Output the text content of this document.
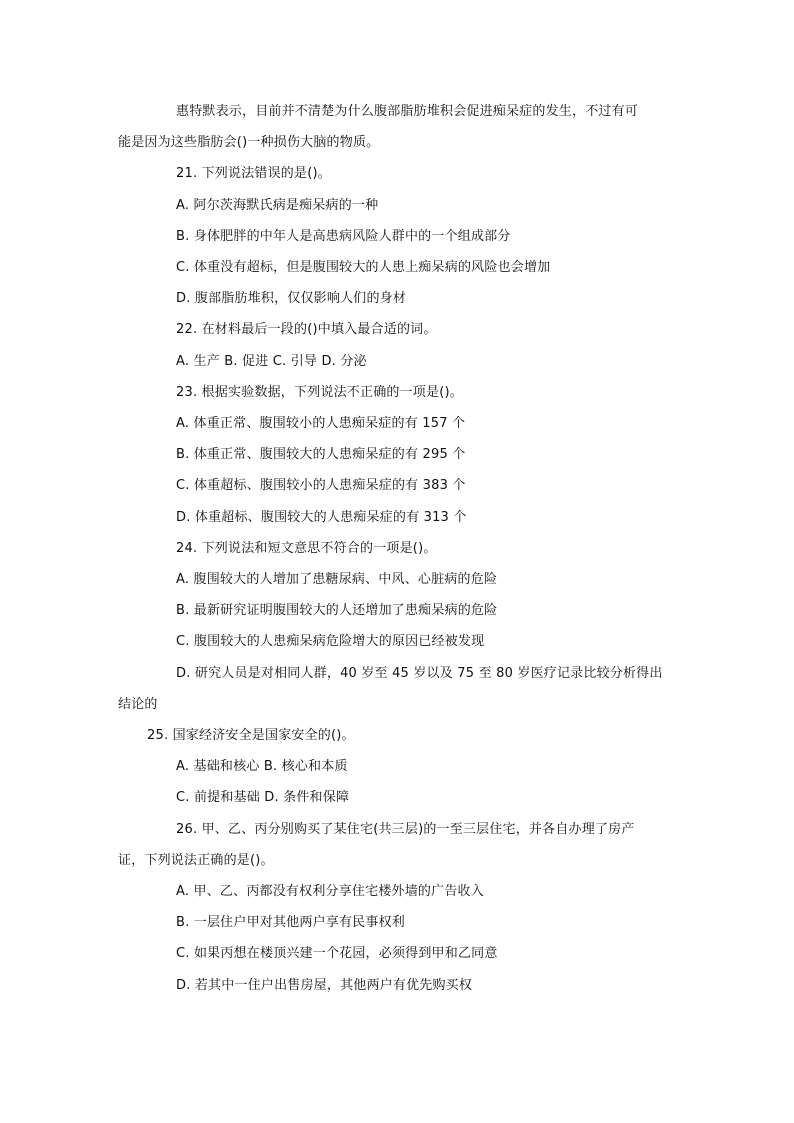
惠特默表示，目前并不清楚为什么腹部脂肪堆积会促进痴呆症的发生，不过有可
能是因为这些脂肪会()一种损伤大脑的物质。
21. 下列说法错误的是()。
A. 阿尔茨海默氏病是痴呆病的一种
B. 身体肥胖的中年人是高患病风险人群中的一个组成部分
C. 体重没有超标，但是腹围较大的人患上痴呆病的风险也会增加
D. 腹部脂肪堆积，仅仅影响人们的身材
22. 在材料最后一段的()中填入最合适的词。
A. 生产 B. 促进 C. 引导 D. 分泌
23. 根据实验数据，下列说法不正确的一项是()。
A. 体重正常、腹围较小的人患痴呆症的有 157 个
B. 体重正常、腹围较大的人患痴呆症的有 295 个
C. 体重超标、腹围较小的人患痴呆症的有 383 个
D. 体重超标、腹围较大的人患痴呆症的有 313 个
24. 下列说法和短文意思不符合的一项是()。
A. 腹围较大的人增加了患糖尿病、中风、心脏病的危险
B. 最新研究证明腹围较大的人还增加了患痴呆病的危险
C. 腹围较大的人患痴呆病危险增大的原因已经被发现
D. 研究人员是对相同人群，40 岁至 45 岁以及 75 至 80 岁医疗记录比较分析得出
结论的
25. 国家经济安全是国家安全的()。
A. 基础和核心 B. 核心和本质
C. 前提和基础 D. 条件和保障
26. 甲、乙、丙分别购买了某住宅(共三层)的一至三层住宅，并各自办理了房产
证，下列说法正确的是()。
A. 甲、乙、丙都没有权利分享住宅楼外墙的广告收入
B. 一层住户甲对其他两户享有民事权利
C. 如果丙想在楼顶兴建一个花园，必须得到甲和乙同意
D. 若其中一住户出售房屋，其他两户有优先购买权
